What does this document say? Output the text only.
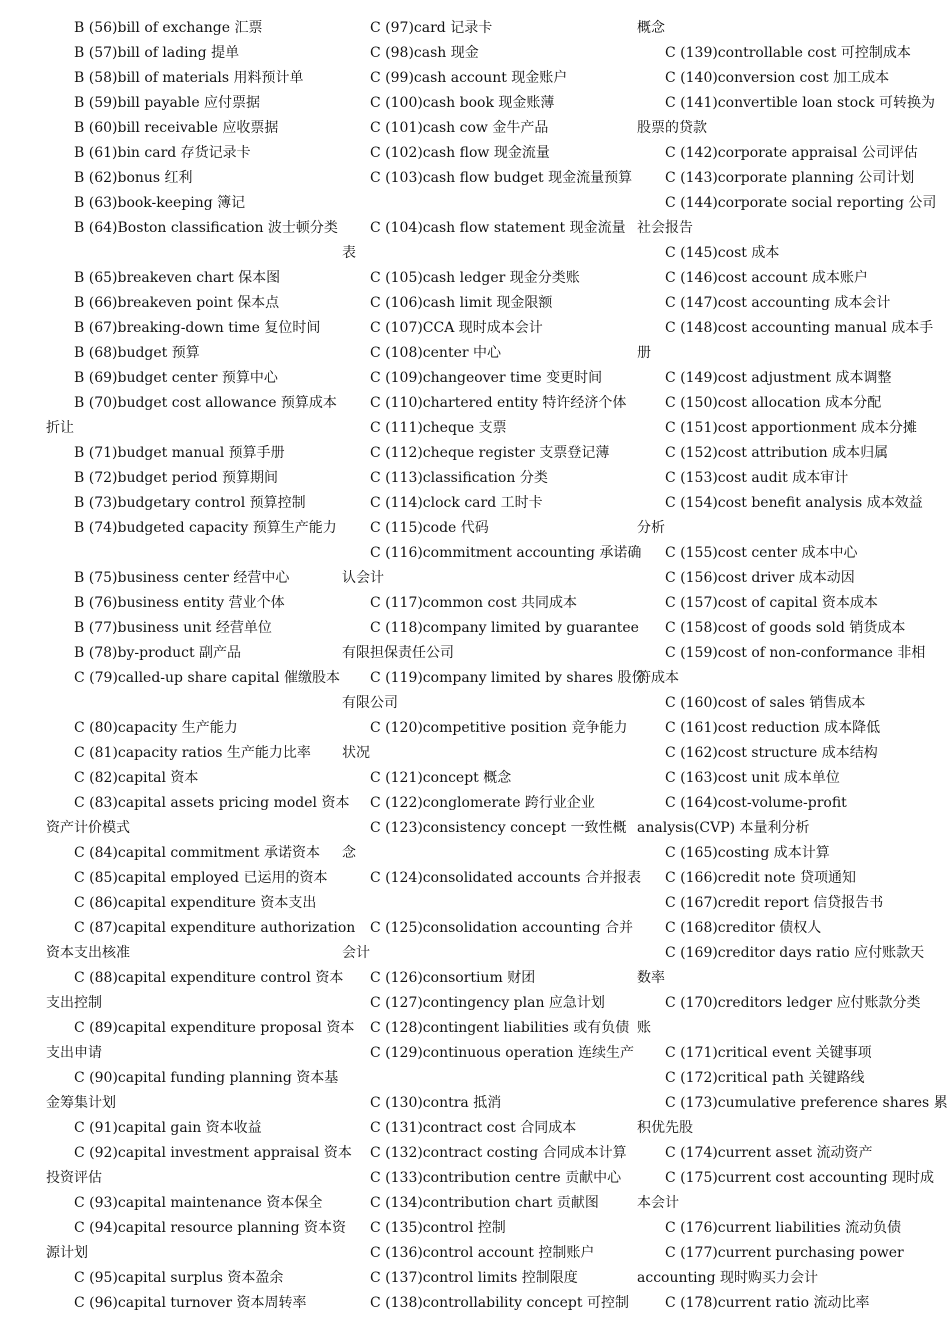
B (56)bill of exchange 汇票
B (57)bill of lading 提单
B (58)bill of materials 用料预计单
B (59)bill payable 应付票据
B (60)bill receivable 应收票据
B (61)bin card 存货记录卡
B (62)bonus 红利
B (63)book-keeping 簿记
B (64)Boston classification 波士顿分类
B (65)breakeven chart 保本图
B (66)breakeven point 保本点
B (67)breaking-down time 复位时间
B (68)budget 预算
B (69)budget center 预算中心
B (70)budget cost allowance 预算成本
折让
B (71)budget manual 预算手册
B (72)budget period 预算期间
B (73)budgetary control 预算控制
B (74)budgeted capacity 预算生产能力
B (75)business center 经营中心
B (76)business entity 营业个体
B (77)business unit 经营单位
B (78)by-product 副产品
C (79)called-up share capital 催缴股本
C (80)capacity 生产能力
C (81)capacity ratios 生产能力比率
C (82)capital 资本
C (83)capital assets pricing model 资本
资产计价模式
C (84)capital commitment 承诺资本
C (85)capital employed 已运用的资本
C (86)capital expenditure 资本支出
C (87)capital expenditure authorization
资本支出核准
C (88)capital expenditure control 资本
支出控制
C (89)capital expenditure proposal 资本
支出申请
C (90)capital funding planning 资本基
金筹集计划
C (91)capital gain 资本收益
C (92)capital investment appraisal 资本
投资评估
C (93)capital maintenance 资本保全
C (94)capital resource planning 资本资
源计划
C (95)capital surplus 资本盈余
C (96)capital turnover 资本周转率
C (97)card 记录卡
C (98)cash 现金
C (99)cash account 现金账户
C (100)cash book 现金账薄
C (101)cash cow 金牛产品
C (102)cash flow 现金流量
C (103)cash flow budget 现金流量预算
C (104)cash flow statement 现金流量
表
C (105)cash ledger 现金分类账
C (106)cash limit 现金限额
C (107)CCA 现时成本会计
C (108)center 中心
C (109)changeover time 变更时间
C (110)chartered entity 特许经济个体
C (111)cheque 支票
C (112)cheque register 支票登记薄
C (113)classification 分类
C (114)clock card 工时卡
C (115)code 代码
C (116)commitment accounting 承诺确
认会计
C (117)common cost 共同成本
C (118)company limited by guarantee
有限担保责任公司
C (119)company limited by shares 股份
有限公司
C (120)competitive position 竞争能力
状况
C (121)concept 概念
C (122)conglomerate 跨行业企业
C (123)consistency concept 一致性概
念
C (124)consolidated accounts 合并报表
C (125)consolidation accounting 合并
会计
C (126)consortium 财团
C (127)contingency plan 应急计划
C (128)contingent liabilities 或有负债
C (129)continuous operation 连续生产
C (130)contra 抵消
C (131)contract cost 合同成本
C (132)contract costing 合同成本计算
C (133)contribution centre 贡献中心
C (134)contribution chart 贡献图
C (135)control 控制
C (136)control account 控制账户
C (137)control limits 控制限度
C (138)controllability concept 可控制
概念
C (139)controllable cost 可控制成本
C (140)conversion cost 加工成本
C (141)convertible loan stock 可转换为
股票的贷款
C (142)corporate appraisal 公司评估
C (143)corporate planning 公司计划
C (144)corporate social reporting 公司
社会报告
C (145)cost 成本
C (146)cost account 成本账户
C (147)cost accounting 成本会计
C (148)cost accounting manual 成本手
册
C (149)cost adjustment 成本调整
C (150)cost allocation 成本分配
C (151)cost apportionment 成本分摊
C (152)cost attribution 成本归属
C (153)cost audit 成本审计
C (154)cost benefit analysis 成本效益
分析
C (155)cost center 成本中心
C (156)cost driver 成本动因
C (157)cost of capital 资本成本
C (158)cost of goods sold 销货成本
C (159)cost of non-conformance 非相
符成本
C (160)cost of sales 销售成本
C (161)cost reduction 成本降低
C (162)cost structure 成本结构
C (163)cost unit 成本单位
C (164)cost-volume-profit
analysis(CVP) 本量利分析
C (165)costing 成本计算
C (166)credit note 贷项通知
C (167)credit report 信贷报告书
C (168)creditor 债权人
C (169)creditor days ratio 应付账款天
数率
C (170)creditors ledger 应付账款分类
账
C (171)critical event 关键事项
C (172)critical path 关键路线
C (173)cumulative preference shares 累
积优先股
C (174)current asset 流动资产
C (175)current cost accounting 现时成
本会计
C (176)current liabilities 流动负债
C (177)current purchasing power
accounting 现时购买力会计
C (178)current ratio 流动比率
